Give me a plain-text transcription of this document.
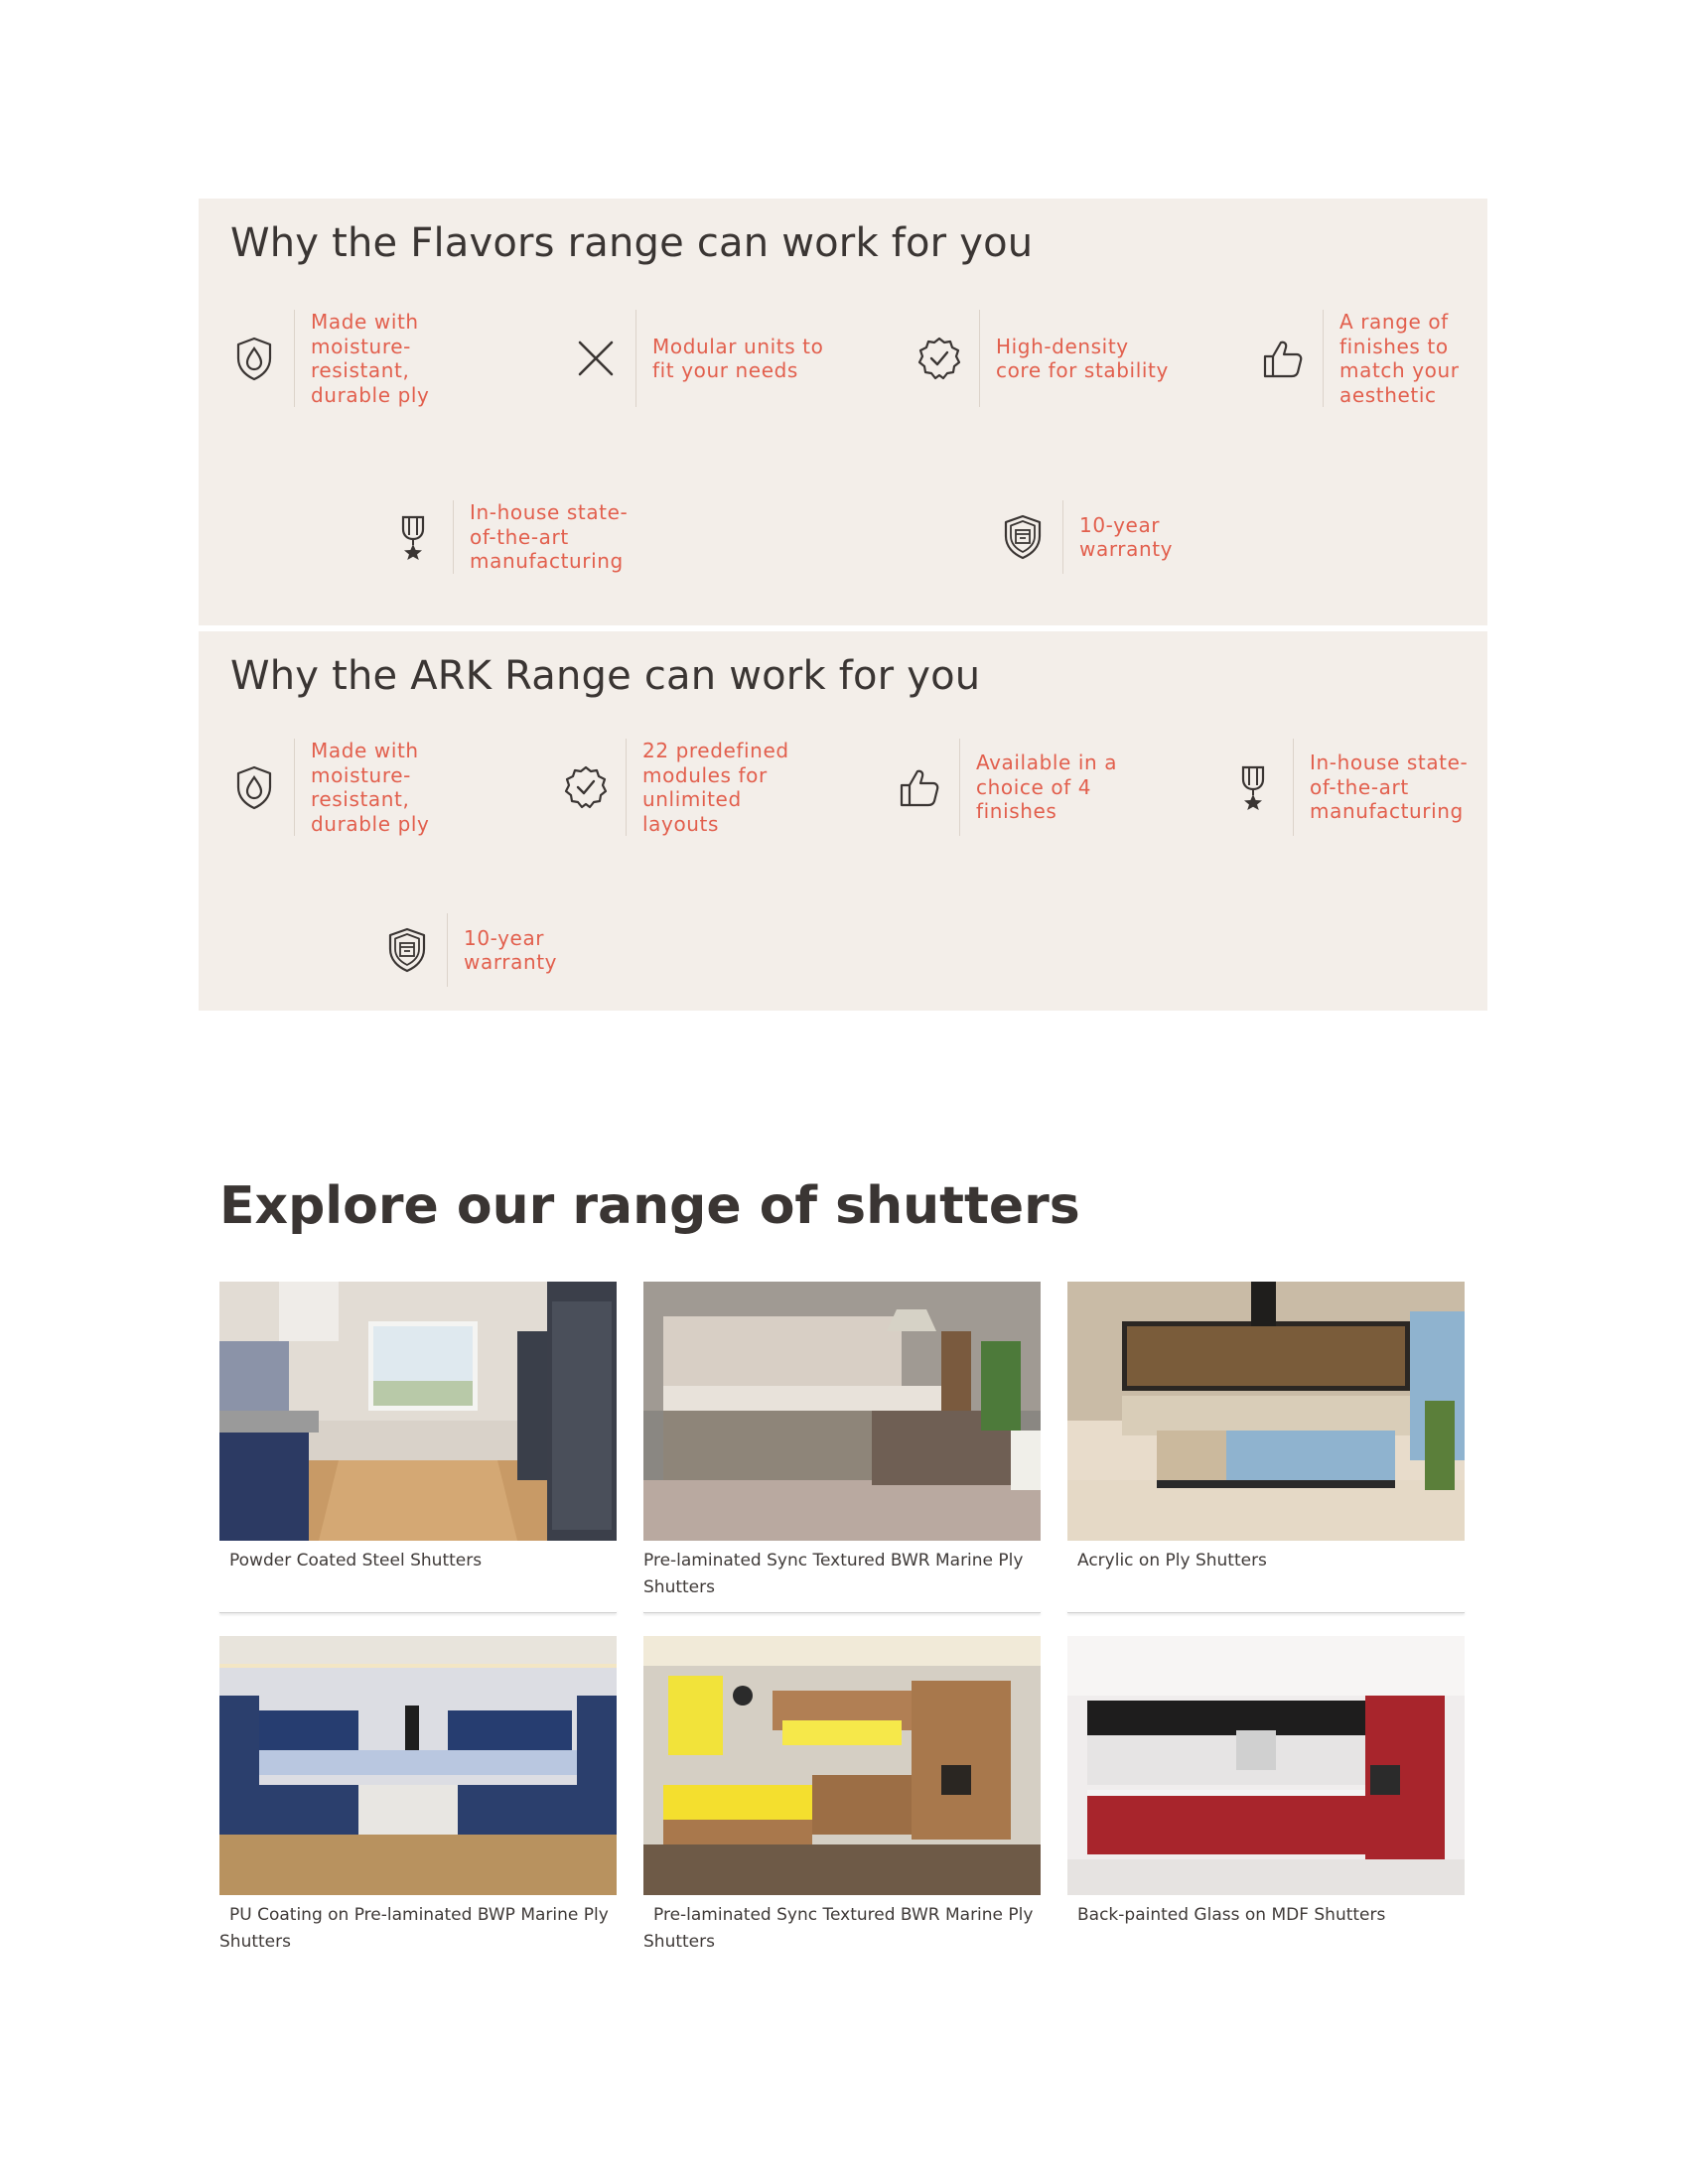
Why the Flavors range can work for you
Made with
moisture-
resistant,
durable ply
Modular units to
fit your needs
High-density
core for stability
A range of
finishes to
match your
aesthetic
In-house state-
of-the-art
manufacturing
10-year
warranty
Why the ARK Range can work for you
Made with
moisture-
resistant,
durable ply
22 predefined
modules for
unlimited
layouts
Available in a
choice of 4
finishes
In-house state-
of-the-art
manufacturing
10-year
warranty
Explore our range of shutters

Powder Coated Steel Shutters	Pre-laminated Sync Textured BWR Marine Ply Shutters

Acrylic on Ply Shutters

PU Coating on Pre-laminated BWP Marine Ply Shutters

Pre-laminated Sync Textured BWR Marine Ply Shutters

Back-painted Glass on MDF Shutters
